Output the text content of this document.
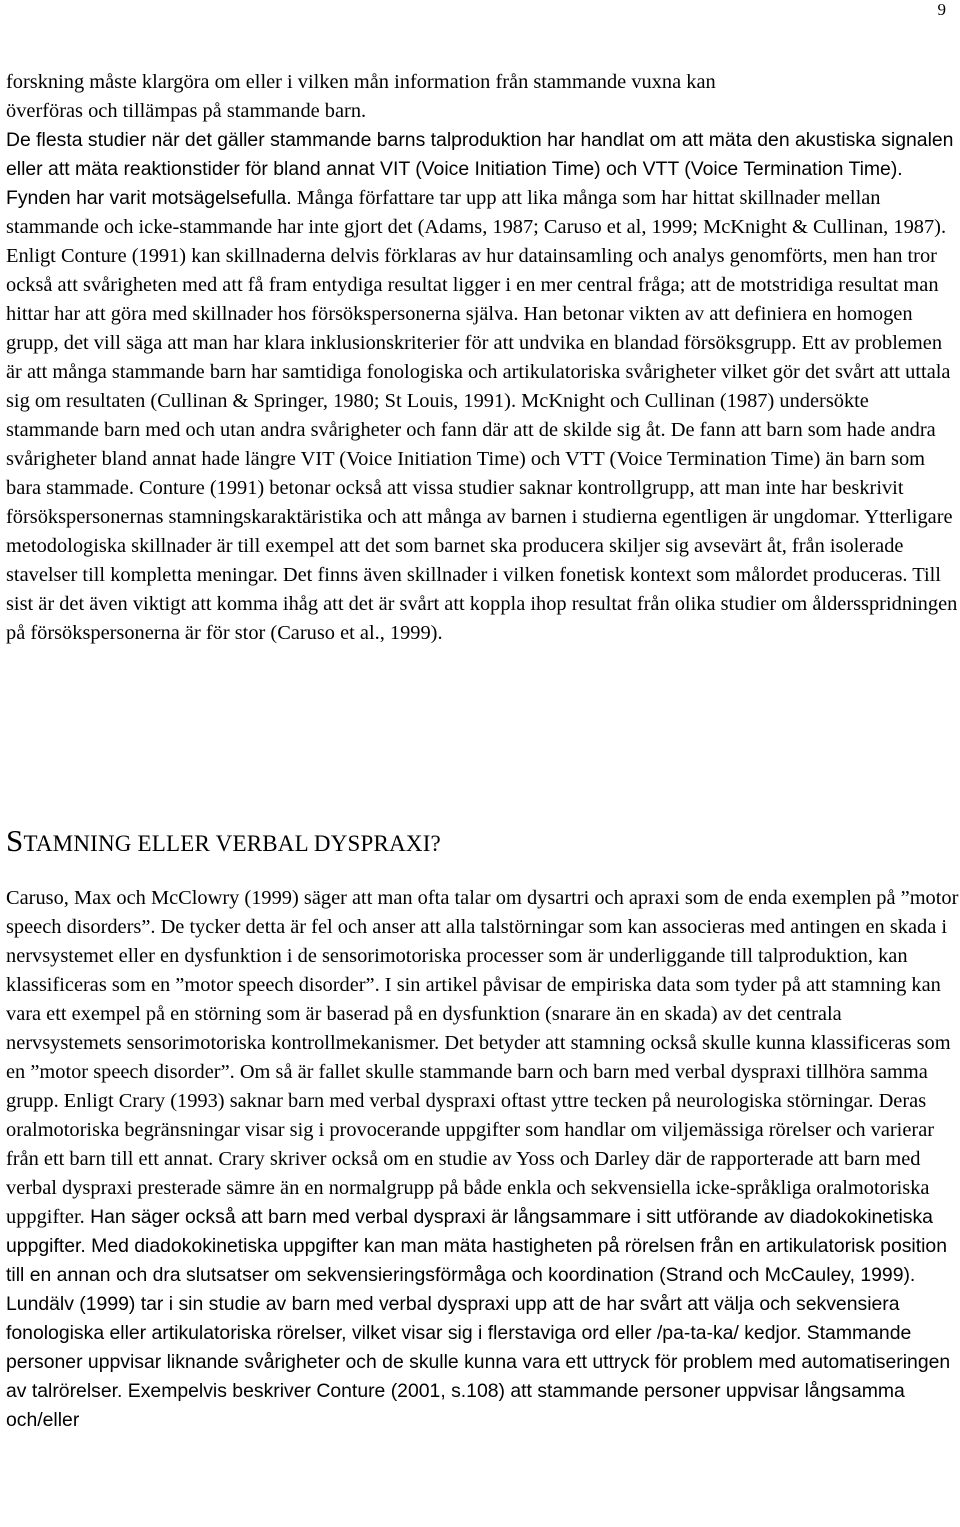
9

forskning måste klargöra om eller i vilken mån information från stammande vuxna kan
överföras och tillämpas på stammande barn.

De flesta studier när det gäller stammande barns talproduktion har handlat om att mäta den akustiska signalen eller att mäta reaktionstider för bland annat VIT (Voice Initiation Time) och VTT (Voice Termination Time). Fynden har varit motsägelsefulla. Många författare tar upp att lika många som har hittat skillnader mellan stammande och icke-stammande har inte gjort det (Adams, 1987; Caruso et al, 1999; McKnight & Cullinan, 1987). Enligt Conture (1991) kan skillnaderna delvis förklaras av hur datainsamling och analys genomförts, men han tror också att svårigheten med att få fram entydiga resultat ligger i en mer central fråga; att de motstridiga resultat man hittar har att göra med skillnader hos försökspersonerna själva. Han betonar vikten av att definiera en homogen grupp, det vill säga att man har klara inklusionskriterier för att undvika en blandad försöksgrupp. Ett av problemen är att många stammande barn har samtidiga fonologiska och artikulatoriska svårigheter vilket gör det svårt att uttala sig om resultaten (Cullinan & Springer, 1980; St Louis, 1991). McKnight och Cullinan (1987) undersökte stammande barn med och utan andra svårigheter och fann där att de skilde sig åt. De fann att barn som hade andra svårigheter bland annat hade längre VIT (Voice Initiation Time) och VTT (Voice Termination Time) än barn som bara stammade. Conture (1991) betonar också att vissa studier saknar kontrollgrupp, att man inte har beskrivit försökspersonernas stamningskaraktäristika och att många av barnen i studierna egentligen är ungdomar. Ytterligare metodologiska skillnader är till exempel att det som barnet ska producera skiljer sig avsevärt åt, från isolerade stavelser till kompletta meningar. Det finns även skillnader i vilken fonetisk kontext som målordet produceras. Till sist är det även viktigt att komma ihåg att det är svårt att koppla ihop resultat från olika studier om åldersspridningen på försökspersonerna är för stor (Caruso et al., 1999).

STAMNING ELLER VERBAL DYSPRAXI?

Caruso, Max och McClowry (1999) säger att man ofta talar om dysartri och apraxi som de enda exemplen på ”motor speech disorders”. De tycker detta är fel och anser att alla talstörningar som kan associeras med antingen en skada i nervsystemet eller en dysfunktion i de sensorimotoriska processer som är underliggande till talproduktion, kan klassificeras som en ”motor speech disorder”. I sin artikel påvisar de empiriska data som tyder på att stamning kan vara ett exempel på en störning som är baserad på en dysfunktion (snarare än en skada) av det centrala nervsystemets sensorimotoriska kontrollmekanismer. Det betyder att stamning också skulle kunna klassificeras som en ”motor speech disorder”. Om så är fallet skulle stammande barn och barn med verbal dyspraxi tillhöra samma grupp. Enligt Crary (1993) saknar barn med verbal dyspraxi oftast yttre tecken på neurologiska störningar. Deras oralmotoriska begränsningar visar sig i provocerande uppgifter som handlar om viljemässiga rörelser och varierar från ett barn till ett annat. Crary skriver också om en studie av Yoss och Darley där de rapporterade att barn med verbal dyspraxi presterade sämre än en normalgrupp på både enkla och sekvensiella icke-språkliga oralmotoriska uppgifter. Han säger också att barn med verbal dyspraxi är långsammare i sitt utförande av diadokokinetiska uppgifter. Med diadokokinetiska uppgifter kan man mäta hastigheten på rörelsen från en artikulatorisk position till en annan och dra slutsatser om sekvensieringsförmåga och koordination (Strand och McCauley, 1999). Lundälv (1999) tar i sin studie av barn med verbal dyspraxi upp att de har svårt att välja och sekvensiera fonologiska eller artikulatoriska rörelser, vilket visar sig i flerstaviga ord eller /pa-ta-ka/ kedjor. Stammande personer uppvisar liknande svårigheter och de skulle kunna vara ett uttryck för problem med automatiseringen av talrörelser. Exempelvis beskriver Conture (2001, s.108) att stammande personer uppvisar långsamma och/eller
